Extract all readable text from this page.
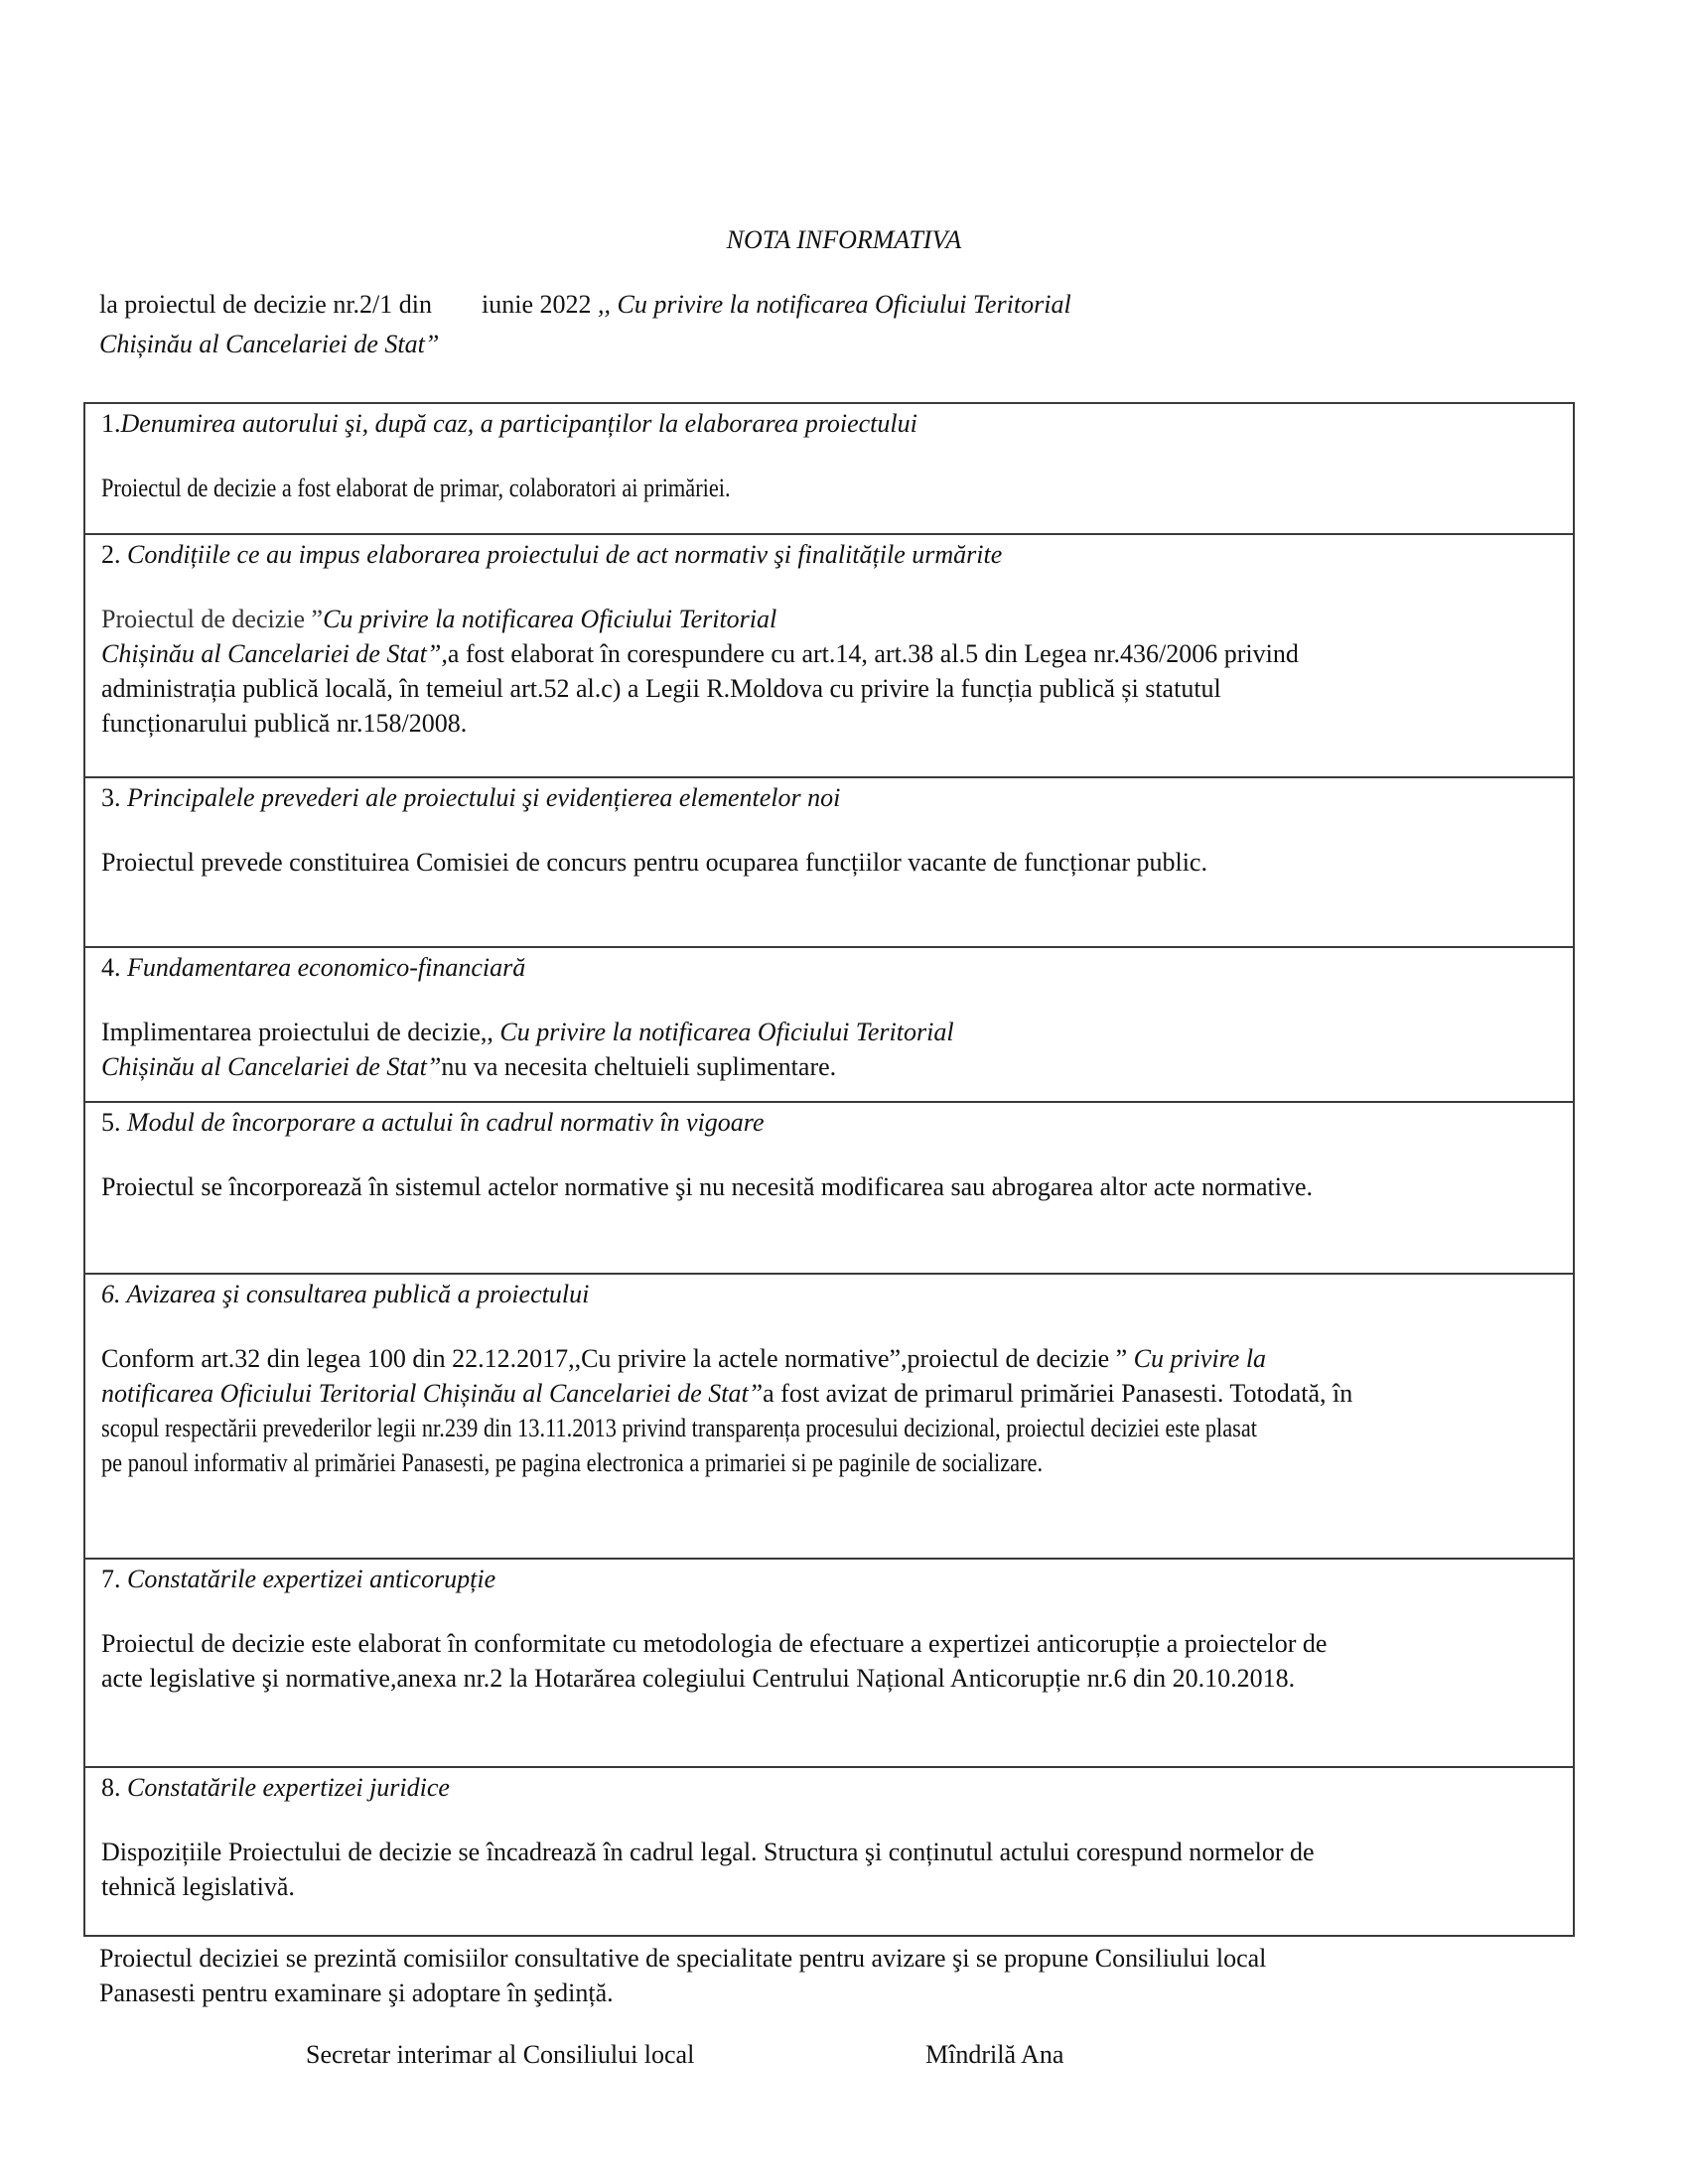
NOTA INFORMATIVA
la proiectul de decizie nr.2/1 din iunie 2022 ,, Cu privire la notificarea Oficiului Teritorial
Chișinău al Cancelariei de Stat”
1.Denumirea autorului şi, după caz, a participanților la elaborarea proiectului
Proiectul de decizie a fost elaborat de primar, colaboratori ai primăriei.
2. Condițiile ce au impus elaborarea proiectului de act normativ şi finalitățile urmărite
Proiectul de decizie ”Cu privire la notificarea Oficiului Teritorial
Chișinău al Cancelariei de Stat”,a fost elaborat în corespundere cu art.14, art.38 al.5 din Legea nr.436/2006 privind
administrația publică locală, în temeiul art.52 al.c) a Legii R.Moldova cu privire la funcția publică și statutul
funcționarului publică nr.158/2008.
3. Principalele prevederi ale proiectului şi evidențierea elementelor noi
Proiectul prevede constituirea Comisiei de concurs pentru ocuparea funcțiilor vacante de funcționar public.
4. Fundamentarea economico-financiară
Implimentarea proiectului de decizie,, Cu privire la notificarea Oficiului Teritorial
Chișinău al Cancelariei de Stat”nu va necesita cheltuieli suplimentare.
5. Modul de încorporare a actului în cadrul normativ în vigoare
Proiectul se încorporează în sistemul actelor normative şi nu necesită modificarea sau abrogarea altor acte normative.
6. Avizarea şi consultarea publică a proiectului
Conform art.32 din legea 100 din 22.12.2017,,Cu privire la actele normative”,proiectul de decizie ” Cu privire la
notificarea Oficiului Teritorial Chișinău al Cancelariei de Stat”a fost avizat de primarul primăriei Panasesti. Totodată, în
scopul respectării prevederilor legii nr.239 din 13.11.2013 privind transparența procesului decizional, proiectul deciziei este plasat
pe panoul informativ al primăriei Panasesti, pe pagina electronica a primariei si pe paginile de socializare.
7. Constatările expertizei anticorupție
Proiectul de decizie este elaborat în conformitate cu metodologia de efectuare a expertizei anticorupție a proiectelor de
acte legislative şi normative,anexa nr.2 la Hotarărea colegiului Centrului Național Anticorupție nr.6 din 20.10.2018.
8. Constatările expertizei juridice
Dispozițiile Proiectului de decizie se încadrează în cadrul legal. Structura şi conținutul actului corespund normelor de
tehnică legislativă.
Proiectul deciziei se prezintă comisiilor consultative de specialitate pentru avizare şi se propune Consiliului local
Panasesti pentru examinare şi adoptare în şedință.
Secretar interimar al Consiliului local	Mîndrilă Ana
